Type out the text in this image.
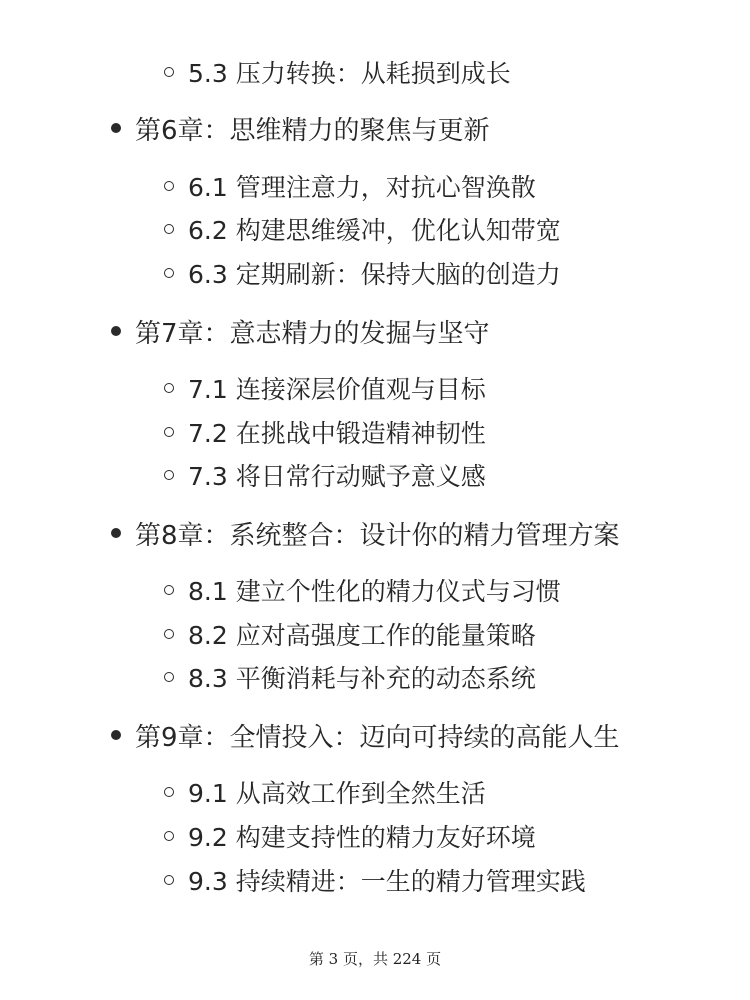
5.3 压力转换：从耗损到成长
第6章：思维精力的聚焦与更新
6.1 管理注意力，对抗心智涣散
6.2 构建思维缓冲，优化认知带宽
6.3 定期刷新：保持大脑的创造力
第7章：意志精力的发掘与坚守
7.1 连接深层价值观与目标
7.2 在挑战中锻造精神韧性
7.3 将日常行动赋予意义感
第8章：系统整合：设计你的精力管理方案
8.1 建立个性化的精力仪式与习惯
8.2 应对高强度工作的能量策略
8.3 平衡消耗与补充的动态系统
第9章：全情投入：迈向可持续的高能人生
9.1 从高效工作到全然生活
9.2 构建支持性的精力友好环境
9.3 持续精进：一生的精力管理实践
第 3 页，共 224 页
